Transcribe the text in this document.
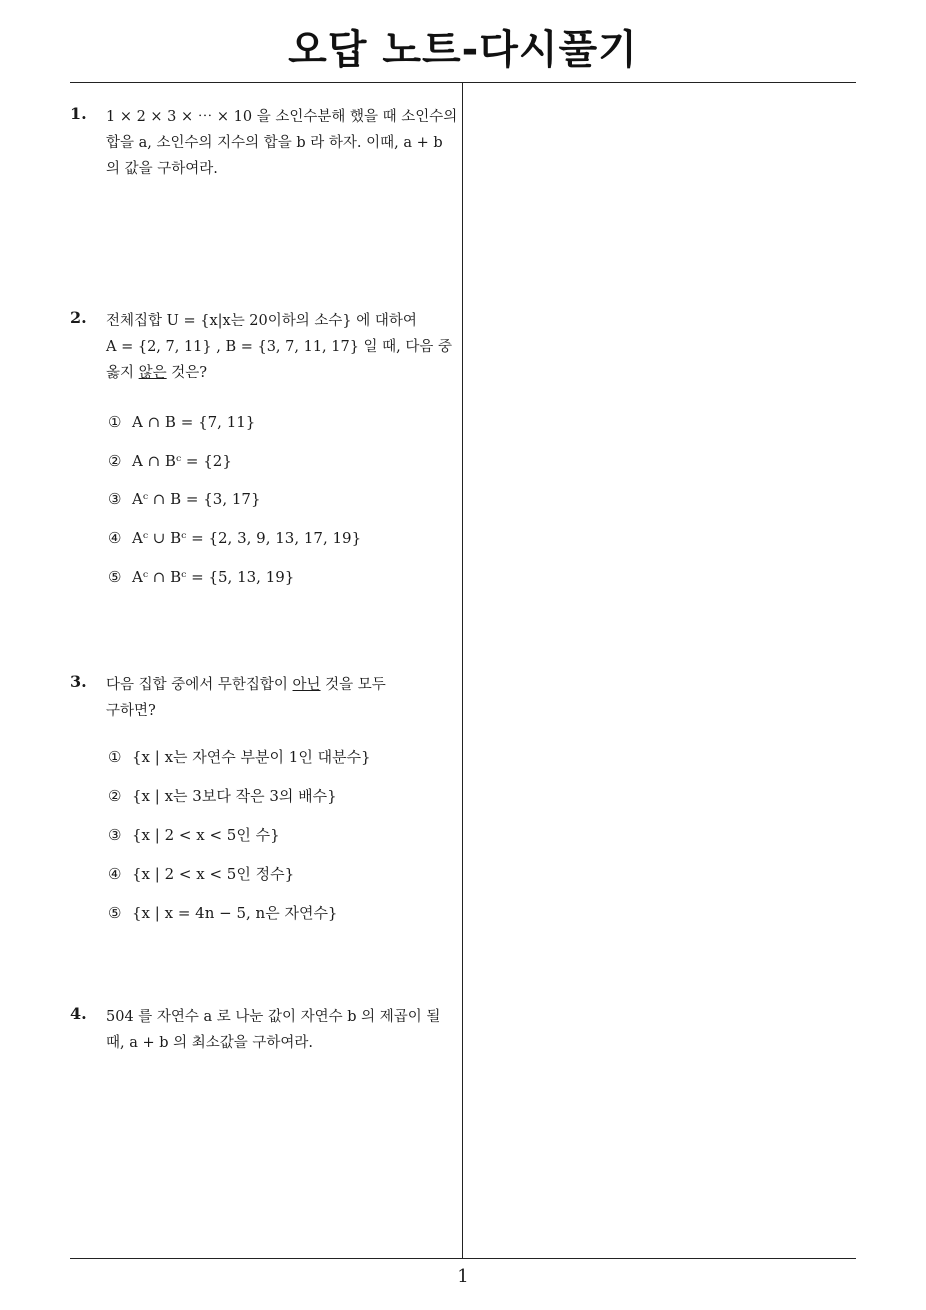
오답 노트-다시풀기
1. 1 × 2 × 3 × ⋯ × 10 을 소인수분해 했을 때 소인수의
합을 a, 소인수의 지수의 합을 b 라 하자. 이때, a + b
의 값을 구하여라.
2. 전체집합 U = {x|x는 20이하의 소수} 에 대하여
A = {2, 7, 11} , B = {3, 7, 11, 17} 일 때, 다음 중
옳지 않은 것은?
① A ∩ B = {7, 11}
② A ∩ Bᶜ = {2}
③ Aᶜ ∩ B = {3, 17}
④ Aᶜ ∪ Bᶜ = {2, 3, 9, 13, 17, 19}
⑤ Aᶜ ∩ Bᶜ = {5, 13, 19}
3. 다음 집합 중에서 무한집합이 아닌 것을 모두
구하면?
① {x | x는 자연수 부분이 1인 대분수}
② {x | x는 3보다 작은 3의 배수}
③ {x | 2 < x < 5인 수}
④ {x | 2 < x < 5인 정수}
⑤ {x | x = 4n − 5, n은 자연수}
4. 504 를 자연수 a 로 나눈 값이 자연수 b 의 제곱이 될
때, a + b 의 최소값을 구하여라.
1
